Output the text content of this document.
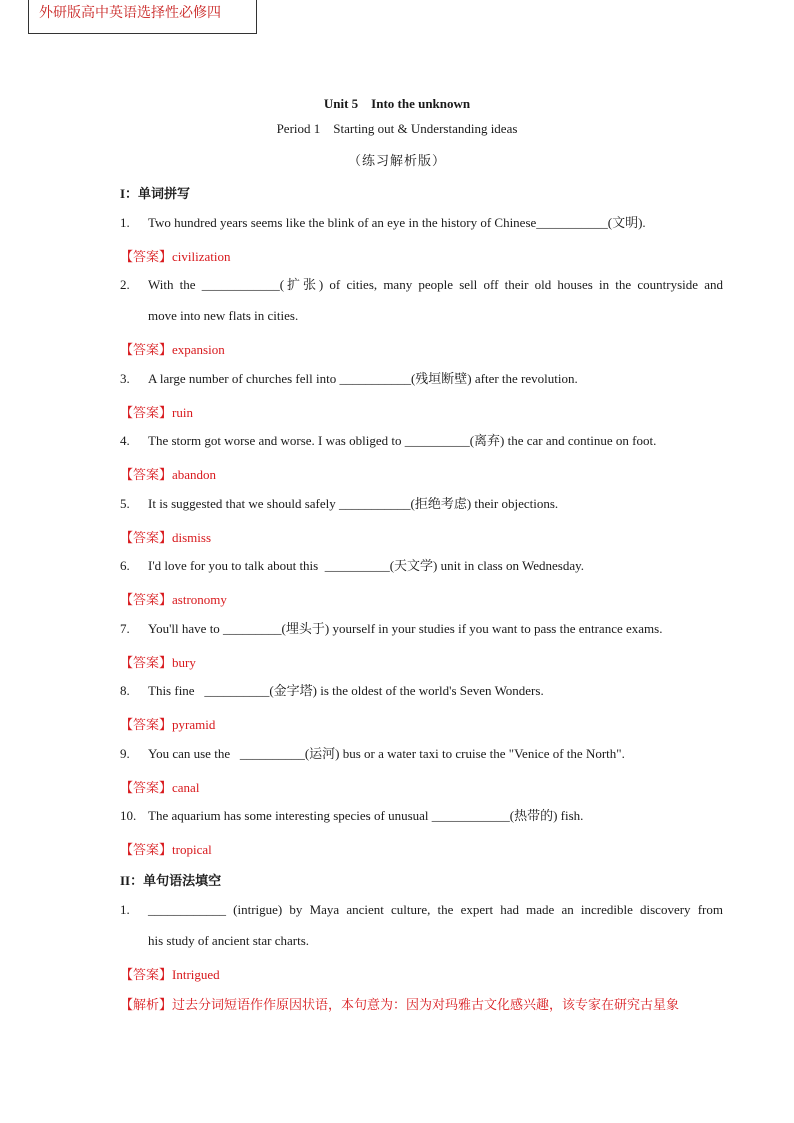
外研版高中英语选择性必修四
Unit 5    Into the unknown
Period 1    Starting out & Understanding ideas
（练习解析版）
I：单词拼写
1. Two hundred years seems like the blink of an eye in the history of Chinese___________(文明).
【答案】civilization
2. With the ____________(扩张) of cities, many people sell off their old houses in the countryside and
move into new flats in cities.
【答案】expansion
3. A large number of churches fell into ___________(残垣断壁) after the revolution.
【答案】ruin
4. The storm got worse and worse. I was obliged to __________(离弃) the car and continue on foot.
【答案】abandon
5. It is suggested that we should safely ___________(拒绝考虑) their objections.
【答案】dismiss
6. I'd love for you to talk about this  __________(天文学) unit in class on Wednesday.
【答案】astronomy
7. You'll have to _________(埋头于) yourself in your studies if you want to pass the entrance exams.
【答案】bury
8. This fine   __________(金字塔) is the oldest of the world's Seven Wonders.
【答案】pyramid
9. You can use the   __________(运河) bus or a water taxi to cruise the "Venice of the North".
【答案】canal
10. The aquarium has some interesting species of unusual ____________(热带的) fish.
【答案】tropical
II：单句语法填空
1. ____________ (intrigue) by Maya ancient culture, the expert had made an incredible discovery from
his study of ancient star charts.
【答案】Intrigued
【解析】过去分词短语作作原因状语，本句意为：因为对玛雅古文化感兴趣，该专家在研究古星象
